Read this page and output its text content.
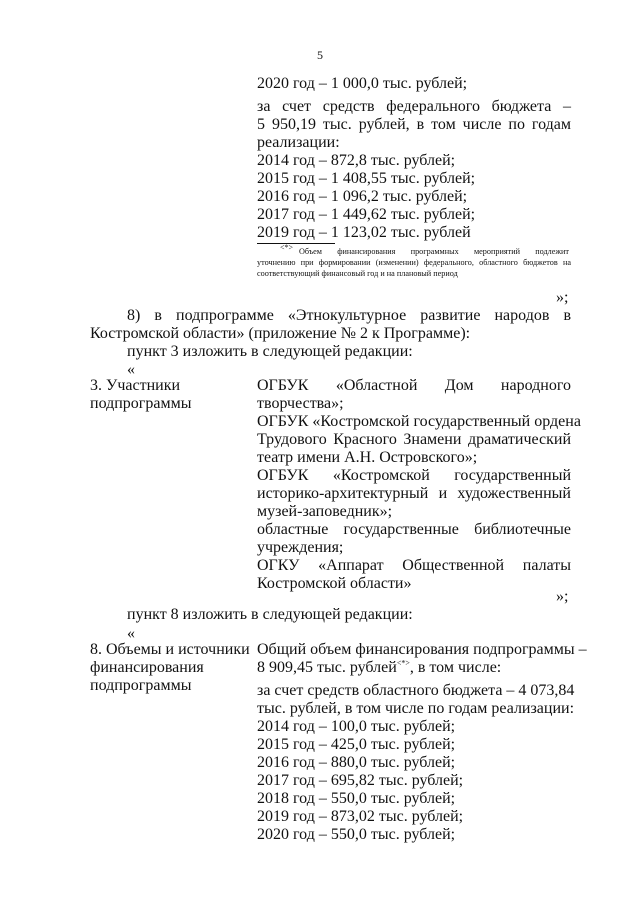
5
2020 год – 1 000,0 тыс. рублей;
за счет средств федерального бюджета –
5 950,19 тыс. рублей, в том числе по годам
реализации:
2014 год – 872,8 тыс. рублей;
2015 год – 1 408,55 тыс. рублей;
2016 год – 1 096,2 тыс. рублей;
2017 год – 1 449,62 тыс. рублей;
2019 год – 1 123,02 тыс. рублей
<*> Объем финансирования программных мероприятий подлежит
уточнению при формировании (изменении) федерального, областного бюджетов на
соответствующий финансовый год и на плановый период
»;
8) в подпрограмме «Этнокультурное развитие народов в
Костромской области» (приложение № 2 к Программе):
пункт 3 изложить в следующей редакции:
«
3. Участники
подпрограммы
ОГБУК «Областной Дом народного
творчества»;
ОГБУК «Костромской государственный ордена
Трудового Красного Знамени драматический
театр имени А.Н. Островского»;
ОГБУК «Костромской государственный
историко-архитектурный и художественный
музей-заповедник»;
областные государственные библиотечные
учреждения;
ОГКУ «Аппарат Общественной палаты
Костромской области»
»;
пункт 8 изложить в следующей редакции:
«
8. Объемы и источники
финансирования
подпрограммы
Общий объем финансирования подпрограммы –
8 909,45 тыс. рублей<*>, в том числе:
за счет средств областного бюджета – 4 073,84
тыс. рублей, в том числе по годам реализации:
2014 год – 100,0 тыс. рублей;
2015 год – 425,0 тыс. рублей;
2016 год – 880,0 тыс. рублей;
2017 год – 695,82 тыс. рублей;
2018 год – 550,0 тыс. рублей;
2019 год – 873,02 тыс. рублей;
2020 год – 550,0 тыс. рублей;
